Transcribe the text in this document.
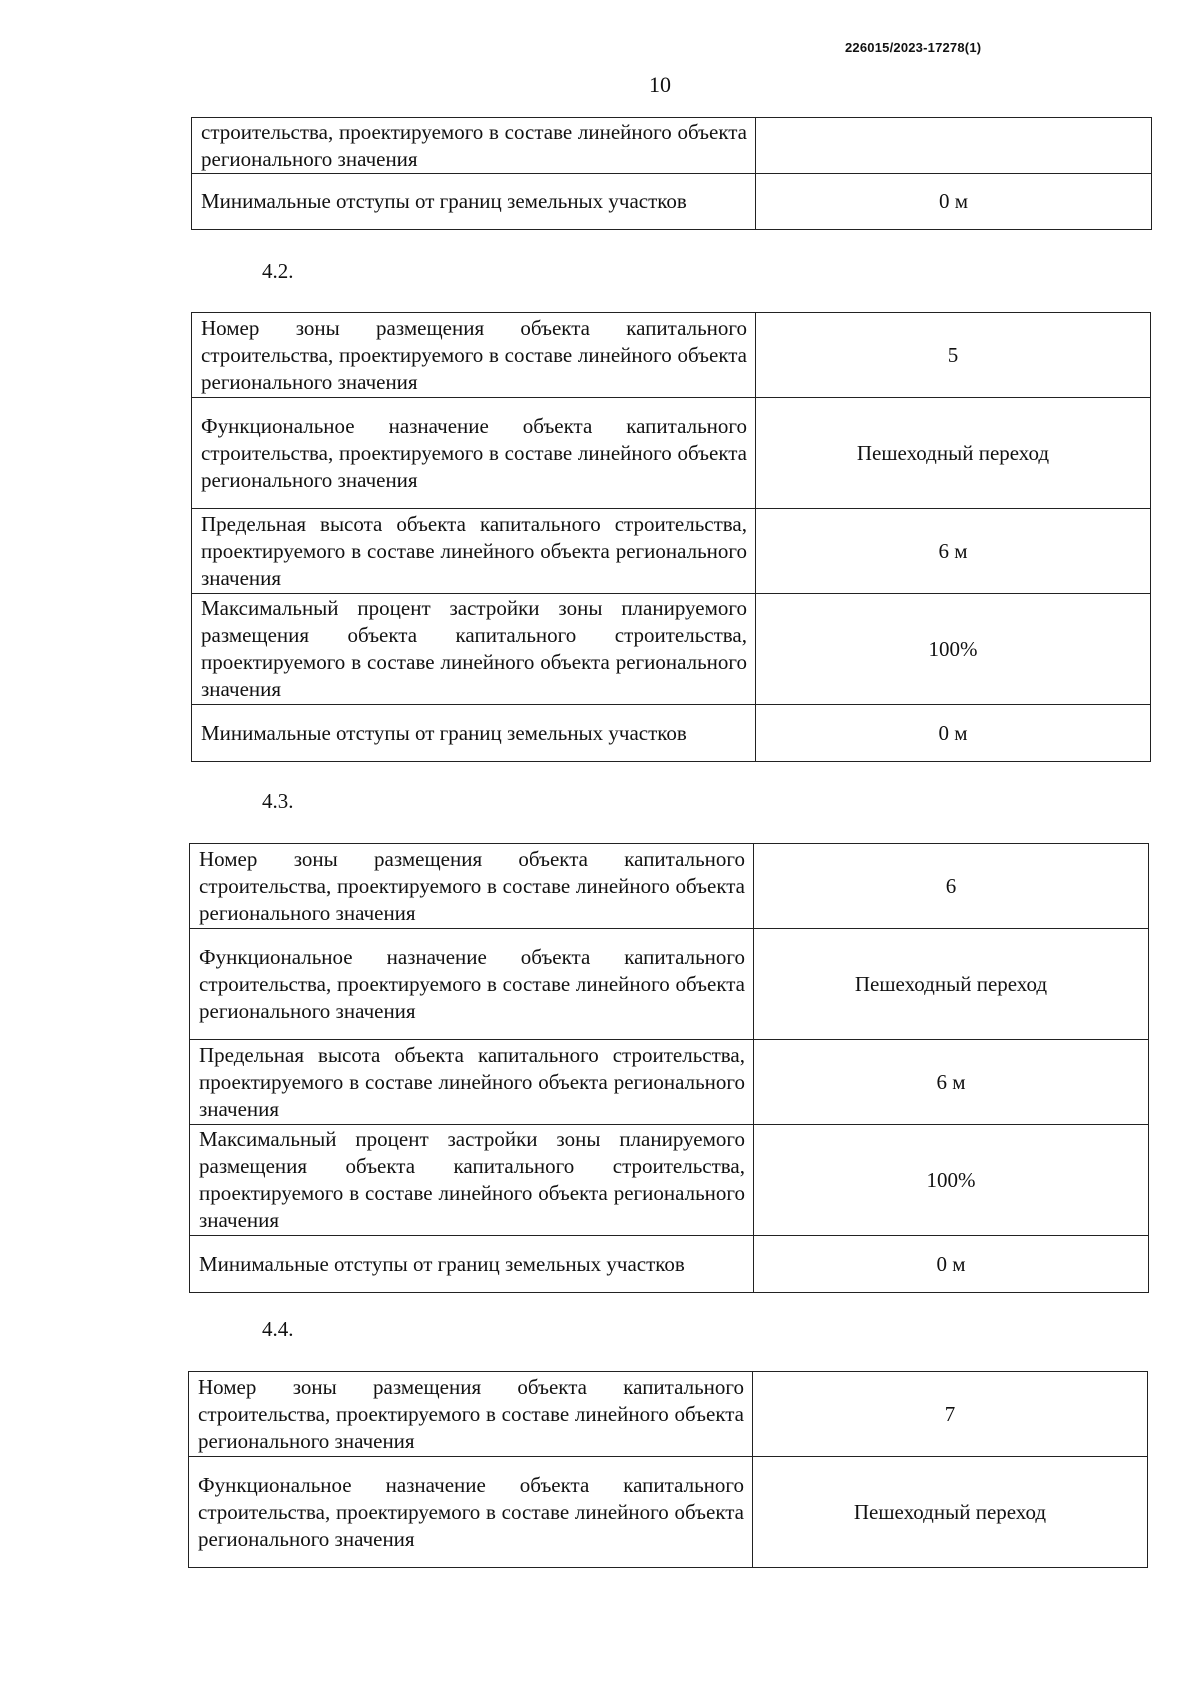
226015/2023-17278(1)
10
строительства, проектируемого в составе линейного объекта регионального значения	
Минимальные отступы от границ земельных участков	0 м
4.2.
Номер зоны размещения объекта капитального строительства, проектируемого в составе линейного объекта регионального значения	5
Функциональное назначение объекта капитального строительства, проектируемого в составе линейного объекта регионального значения	Пешеходный переход
Предельная высота объекта капитального строительства, проектируемого в составе линейного объекта регионального значения	6 м
Максимальный процент застройки зоны планируемого размещения объекта капитального строительства, проектируемого в составе линейного объекта регионального значения	100%
Минимальные отступы от границ земельных участков	0 м
4.3.
Номер зоны размещения объекта капитального строительства, проектируемого в составе линейного объекта регионального значения	6
Функциональное назначение объекта капитального строительства, проектируемого в составе линейного объекта регионального значения	Пешеходный переход
Предельная высота объекта капитального строительства, проектируемого в составе линейного объекта регионального значения	6 м
Максимальный процент застройки зоны планируемого размещения объекта капитального строительства, проектируемого в составе линейного объекта регионального значения	100%
Минимальные отступы от границ земельных участков	0 м
4.4.
Номер зоны размещения объекта капитального строительства, проектируемого в составе линейного объекта регионального значения	7
Функциональное назначение объекта капитального строительства, проектируемого в составе линейного объекта регионального значения	Пешеходный переход
